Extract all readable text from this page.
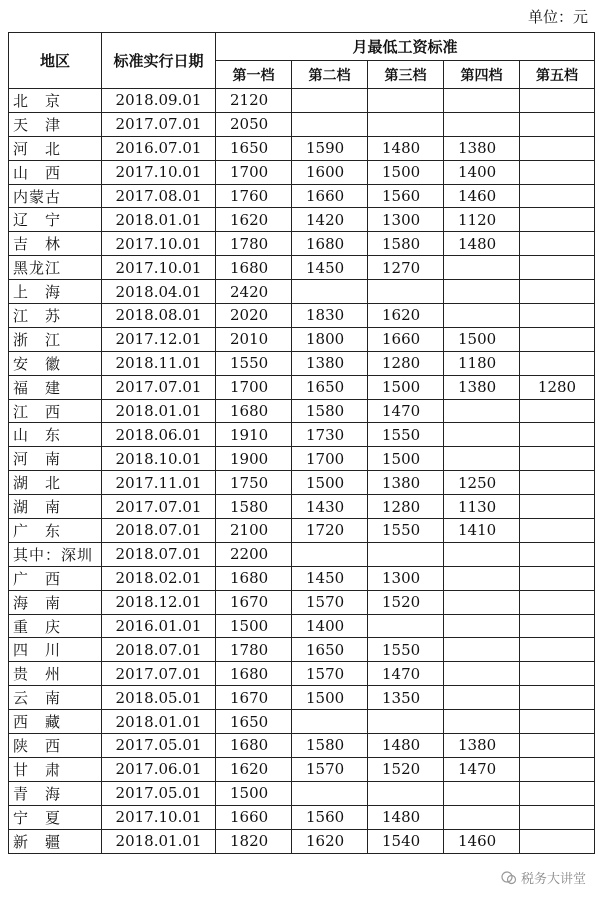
单位：元
地区	标准实行日期	月最低工资标准				
		第一档	第二档	第三档	第四档	第五档
北　京	2018.09.01	2120				
天　津	2017.07.01	2050				
河　北	2016.07.01	1650	1590	1480	1380	
山　西	2017.10.01	1700	1600	1500	1400	
内蒙古	2017.08.01	1760	1660	1560	1460	
辽　宁	2018.01.01	1620	1420	1300	1120	
吉　林	2017.10.01	1780	1680	1580	1480	
黑龙江	2017.10.01	1680	1450	1270		
上　海	2018.04.01	2420				
江　苏	2018.08.01	2020	1830	1620		
浙　江	2017.12.01	2010	1800	1660	1500	
安　徽	2018.11.01	1550	1380	1280	1180	
福　建	2017.07.01	1700	1650	1500	1380	1280
江　西	2018.01.01	1680	1580	1470		
山　东	2018.06.01	1910	1730	1550		
河　南	2018.10.01	1900	1700	1500		
湖　北	2017.11.01	1750	1500	1380	1250	
湖　南	2017.07.01	1580	1430	1280	1130	
广　东	2018.07.01	2100	1720	1550	1410	
其中：深圳	2018.07.01	2200				
广　西	2018.02.01	1680	1450	1300		
海　南	2018.12.01	1670	1570	1520		
重　庆	2016.01.01	1500	1400			
四　川	2018.07.01	1780	1650	1550		
贵　州	2017.07.01	1680	1570	1470		
云　南	2018.05.01	1670	1500	1350		
西　藏	2018.01.01	1650				
陕　西	2017.05.01	1680	1580	1480	1380	
甘　肃	2017.06.01	1620	1570	1520	1470	
青　海	2017.05.01	1500				
宁　夏	2017.10.01	1660	1560	1480		
新　疆	2018.01.01	1820	1620	1540	1460	
税务大讲堂
